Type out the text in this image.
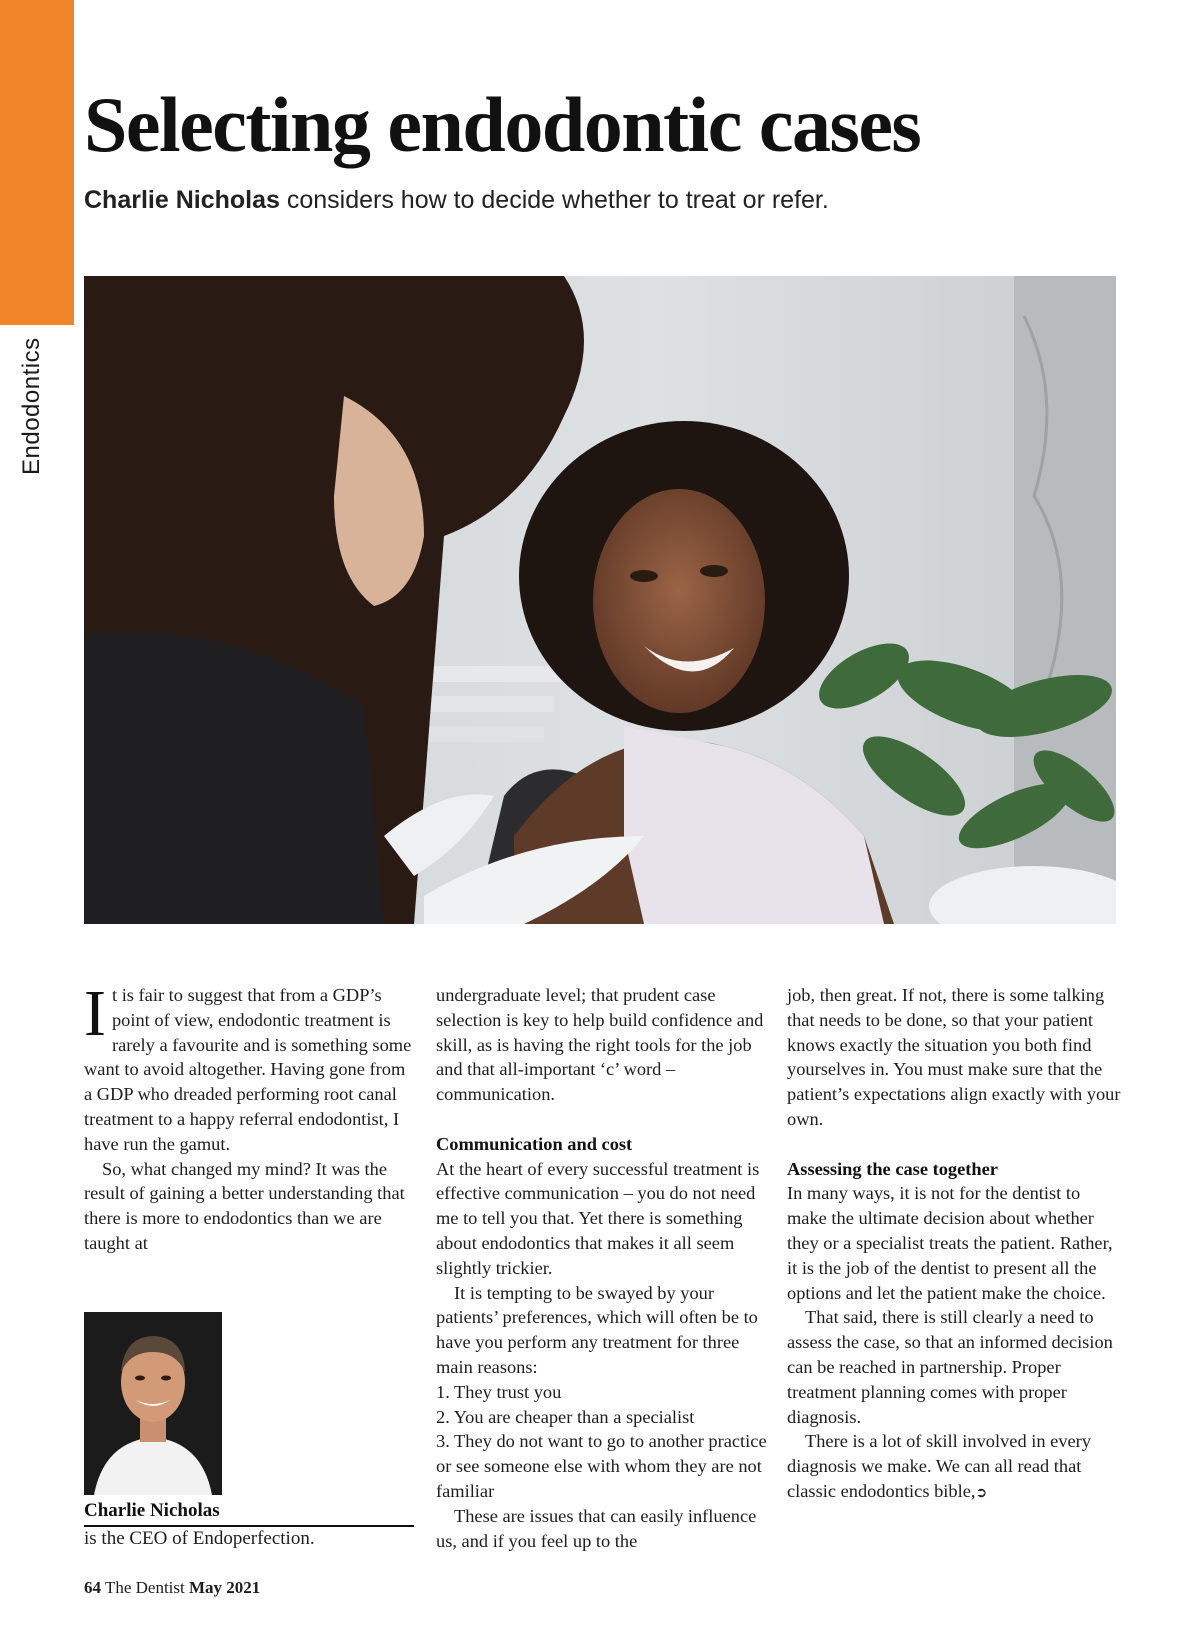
Endodontics
Selecting endodontic cases
Charlie Nicholas considers how to decide whether to treat or refer.

It is fair to suggest that from a GDP’s point of view, endodontic treatment is rarely a favourite and is something some want to avoid altogether. Having gone from a GDP who dreaded performing root canal treatment to a happy referral endodontist, I have run the gamut.

So, what changed my mind? It was the result of gaining a better understanding that there is more to endodontics than we are taught at

undergraduate level; that prudent case selection is key to help build confidence and skill, as is having the right tools for the job and that all-important ‘c’ word – communication.

Communication and cost

At the heart of every successful treatment is effective communication – you do not need me to tell you that. Yet there is something about endodontics that makes it all seem slightly trickier.

It is tempting to be swayed by your patients’ preferences, which will often be to have you perform any treatment for three main reasons:

1. They trust you
2. You are cheaper than a specialist
3. They do not want to go to another practice or see someone else with whom they are not familiar

These are issues that can easily influence us, and if you feel up to the

job, then great. If not, there is some talking that needs to be done, so that your patient knows exactly the situation you both find yourselves in. You must make sure that the patient’s expectations align exactly with your own.

Assessing the case together

In many ways, it is not for the dentist to make the ultimate decision about whether they or a specialist treats the patient. Rather, it is the job of the dentist to present all the options and let the patient make the choice.

That said, there is still clearly a need to assess the case, so that an informed decision can be reached in partnership. Proper treatment planning comes with proper diagnosis.

There is a lot of skill involved in every diagnosis we make. We can all read that classic endodontics bible,➲

Charlie Nicholas
is the CEO of Endoperfection.
64 The Dentist May 2021
